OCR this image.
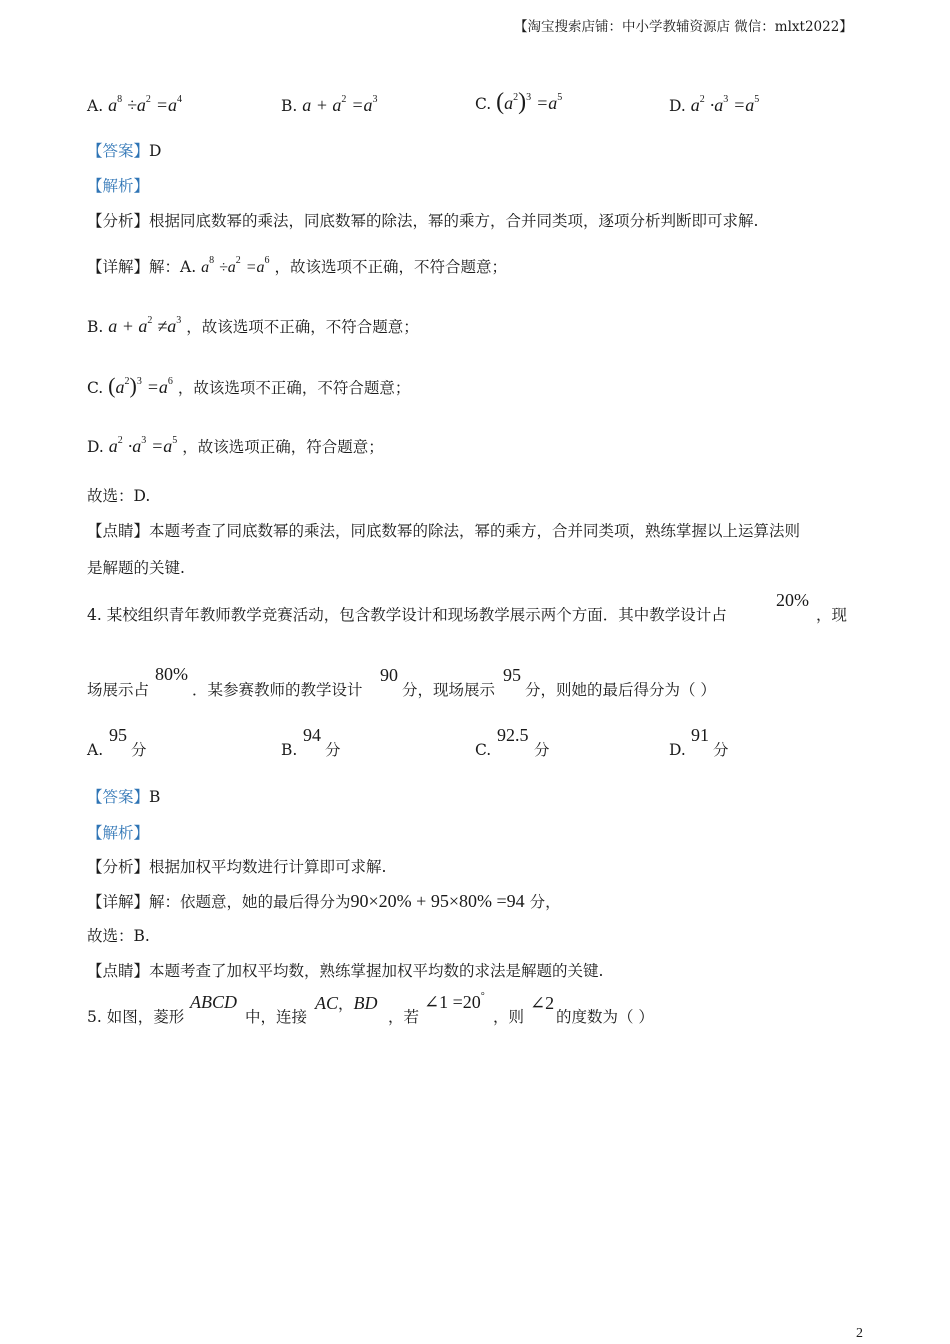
【淘宝搜索店铺：中小学教辅资源店 微信：mlxt2022】
A. $a^8 \div a^2 =a^4$	B. $a + a^2 =a^3$	C. $(a^2)^3 =a^5$	D. $a^2 \cdot a^3 =a^5$
【答案】D
【解析】
【分析】根据同底数幂的乘法，同底数幂的除法，幂的乘方，合并同类项，逐项分析判断即可求解.
【详解】解：A. $a^8 \div a^2 =a^6$ ，故该选项不正确，不符合题意；
B. $a + a^2 \ne a^3$ ，故该选项不正确，不符合题意；
C. $(a^2)^3 =a^6$ ，故该选项不正确，不符合题意；
D. $a^2 \cdot a^3 =a^5$ ，故该选项正确，符合题意；
故选：D.
【点睛】本题考查了同底数幂的乘法，同底数幂的除法，幂的乘方，合并同类项，熟练掌握以上运算法则
是解题的关键.
4. 某校组织青年教师教学竞赛活动，包含教学设计和现场教学展示两个方面．其中教学设计占
20%
，现
场展示占
80%
．某参赛教师的教学设计
90
分，现场展示
95
分，则她的最后得分为（ ）
A.
95
分	B.
94
分	C.
92.5
分	D.
91
分
【答案】B
【解析】
【分析】根据加权平均数进行计算即可求解.
【详解】解：依题意，她的最后得分为90×20% + 95×80% =94 分，
故选：B.
【点睛】本题考查了加权平均数，熟练掌握加权平均数的求法是解题的关键.
5. 如图，菱形
ABCD
中，连接
AC，BD
，若
∠1 =20°
，则
∠2
的度数为（ ）
2
